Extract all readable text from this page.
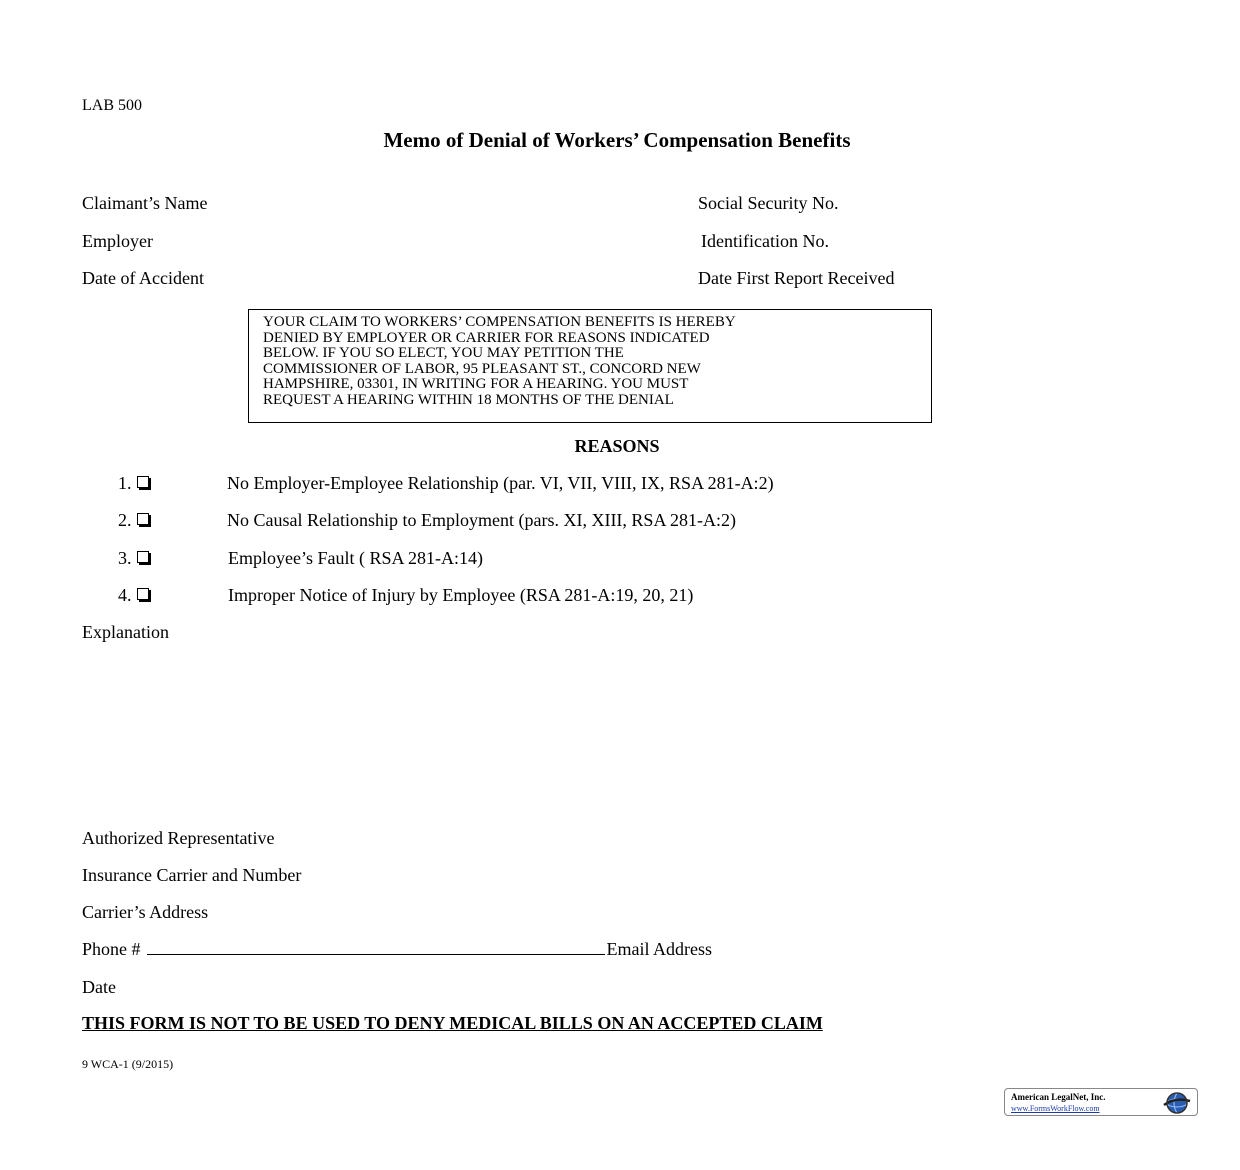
LAB 500
Memo of Denial of Workers’ Compensation Benefits
Claimant’s Name	Social Security No.
Employer	Identification No.
Date of Accident	Date First Report Received
YOUR CLAIM TO WORKERS’ COMPENSATION BENEFITS IS HEREBY
DENIED BY EMPLOYER OR CARRIER FOR REASONS INDICATED
BELOW. IF YOU SO ELECT, YOU MAY PETITION THE
COMMISSIONER OF LABOR, 95 PLEASANT ST., CONCORD NEW
HAMPSHIRE, 03301, IN WRITING FOR A HEARING. YOU MUST
REQUEST A HEARING WITHIN 18 MONTHS OF THE DENIAL
REASONS
1.	No Employer-Employee Relationship (par. VI, VII, VIII, IX, RSA 281-A:2)
2.	No Causal Relationship to Employment (pars. XI, XIII, RSA 281-A:2)
3.	Employee’s Fault ( RSA 281-A:14)
4.	Improper Notice of Injury by Employee (RSA 281-A:19, 20, 21)
Explanation
Authorized Representative
Insurance Carrier and Number
Carrier’s Address
Phone #	Email Address
Date
THIS FORM IS NOT TO BE USED TO DENY MEDICAL BILLS ON AN ACCEPTED CLAIM
9 WCA-1 (9/2015)
American LegalNet, Inc.
www.FormsWorkFlow.com
